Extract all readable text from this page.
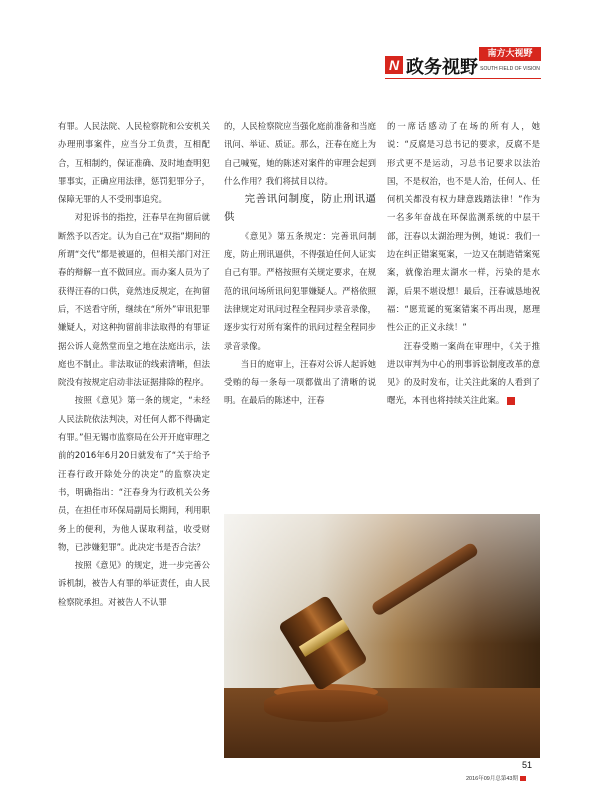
N 政务视野
南方大视野
SOUTH FIELD OF VISION

有罪。人民法院、人民检察院和公安机关办理刑事案件，应当分工负责，互相配合，互相制约，保证准确、及时地查明犯罪事实，正确应用法律，惩罚犯罪分子，保障无罪的人不受刑事追究。

对犯诉书的指控，汪春早在拘留后就断然予以否定。认为自己在“双指”期间的所谓“交代”都是被逼的，但相关部门对汪春的辩解一直不做回应。而办案人员为了获得汪春的口供，竟然违反规定，在拘留后，不送看守所，继续在“所外”审讯犯罪嫌疑人，对这种拘留前非法取得的有罪证据公诉人竟然堂而皇之地在法庭出示，法庭也不制止。非法取证的线索清晰，但法院没有按规定启动非法证据排除的程序。

按照《意见》第一条的规定，“未经人民法院依法判决，对任何人都不得确定有罪。”但无锡市监察局在公开开庭审理之前的2016年6月20日就发布了“关于给予汪春行政开除处分的决定”的监察决定书，明确指出：“汪春身为行政机关公务员，在担任市环保局副局长期间，利用职务上的便利，为他人谋取利益，收受财物，已涉嫌犯罪”。此决定书是否合法？

按照《意见》的规定，进一步完善公诉机制，被告人有罪的举证责任，由人民检察院承担。对被告人不认罪

的，人民检察院应当强化庭前准备和当庭讯问、举证、质证。那么，汪春在庭上为自己喊冤，她的陈述对案件的审理会起到什么作用？我们将拭目以待。

完善讯问制度，防止刑讯逼供

《意见》第五条规定：完善讯问制度，防止刑讯逼供，不得强迫任何人证实自己有罪。严格按照有关规定要求，在规范的讯问场所讯问犯罪嫌疑人。严格依照法律规定对讯问过程全程同步录音录像，逐步实行对所有案件的讯问过程全程同步录音录像。

当日的庭审上，汪春对公诉人起诉她受贿的每一条每一项都做出了清晰的说明。在最后的陈述中，汪春

的一席话感动了在场的所有人，她说：“反腐是习总书记的要求，反腐不是形式更不是运动，习总书记要求以法治国，不是权治，也不是人治，任何人、任何机关都没有权力肆意践踏法律！”作为一名多年奋战在环保监测系统的中层干部，汪春以太湖治理为例，她说：我们一边在纠正错案冤案，一边又在制造错案冤案，就像治理太湖水一样，污染的是水源，后果不堪设想！最后，汪春诚恳地祝福：“愿荒诞的冤案错案不再出现，愿理性公正的正义永续！”

汪春受贿一案尚在审理中，《关于推进以审判为中心的刑事诉讼制度改革的意见》的及时发布，让关注此案的人看到了曙光，本刊也将持续关注此案。	N

51
2016年09月总第43期
